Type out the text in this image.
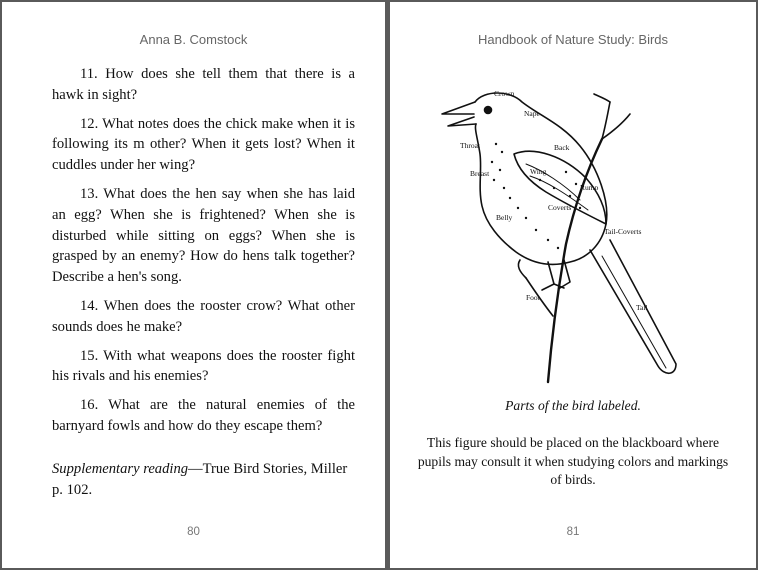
Anna B. Comstock

11. How does she tell them that there is a hawk in sight?

12. What notes does the chick make when it is following its m other? When it gets lost? When it cuddles under her wing?

13. What does the hen say when she has laid an egg? When she is frightened? When she is disturbed while sitting on eggs? When she is grasped by an enemy? How do hens talk together? Describe a hen's song.

14. When does the rooster crow? What other sounds does he make?

15. With what weapons does the rooster fight his rivals and his enemies?

16. What are the natural enemies of the barnyard fowls and how do they escape them?

Supplementary reading—True Bird Stories, Miller p. 102.
80
Handbook of Nature Study: Birds
Crown
Nape
Throat	Back
Wing
Breast
Rump
Coverts
Belly
Tail-Coverts
Tail
Foot
Parts of the bird labeled.
This figure should be placed on the blackboard where pupils may consult it when studying colors and markings of birds.
81
